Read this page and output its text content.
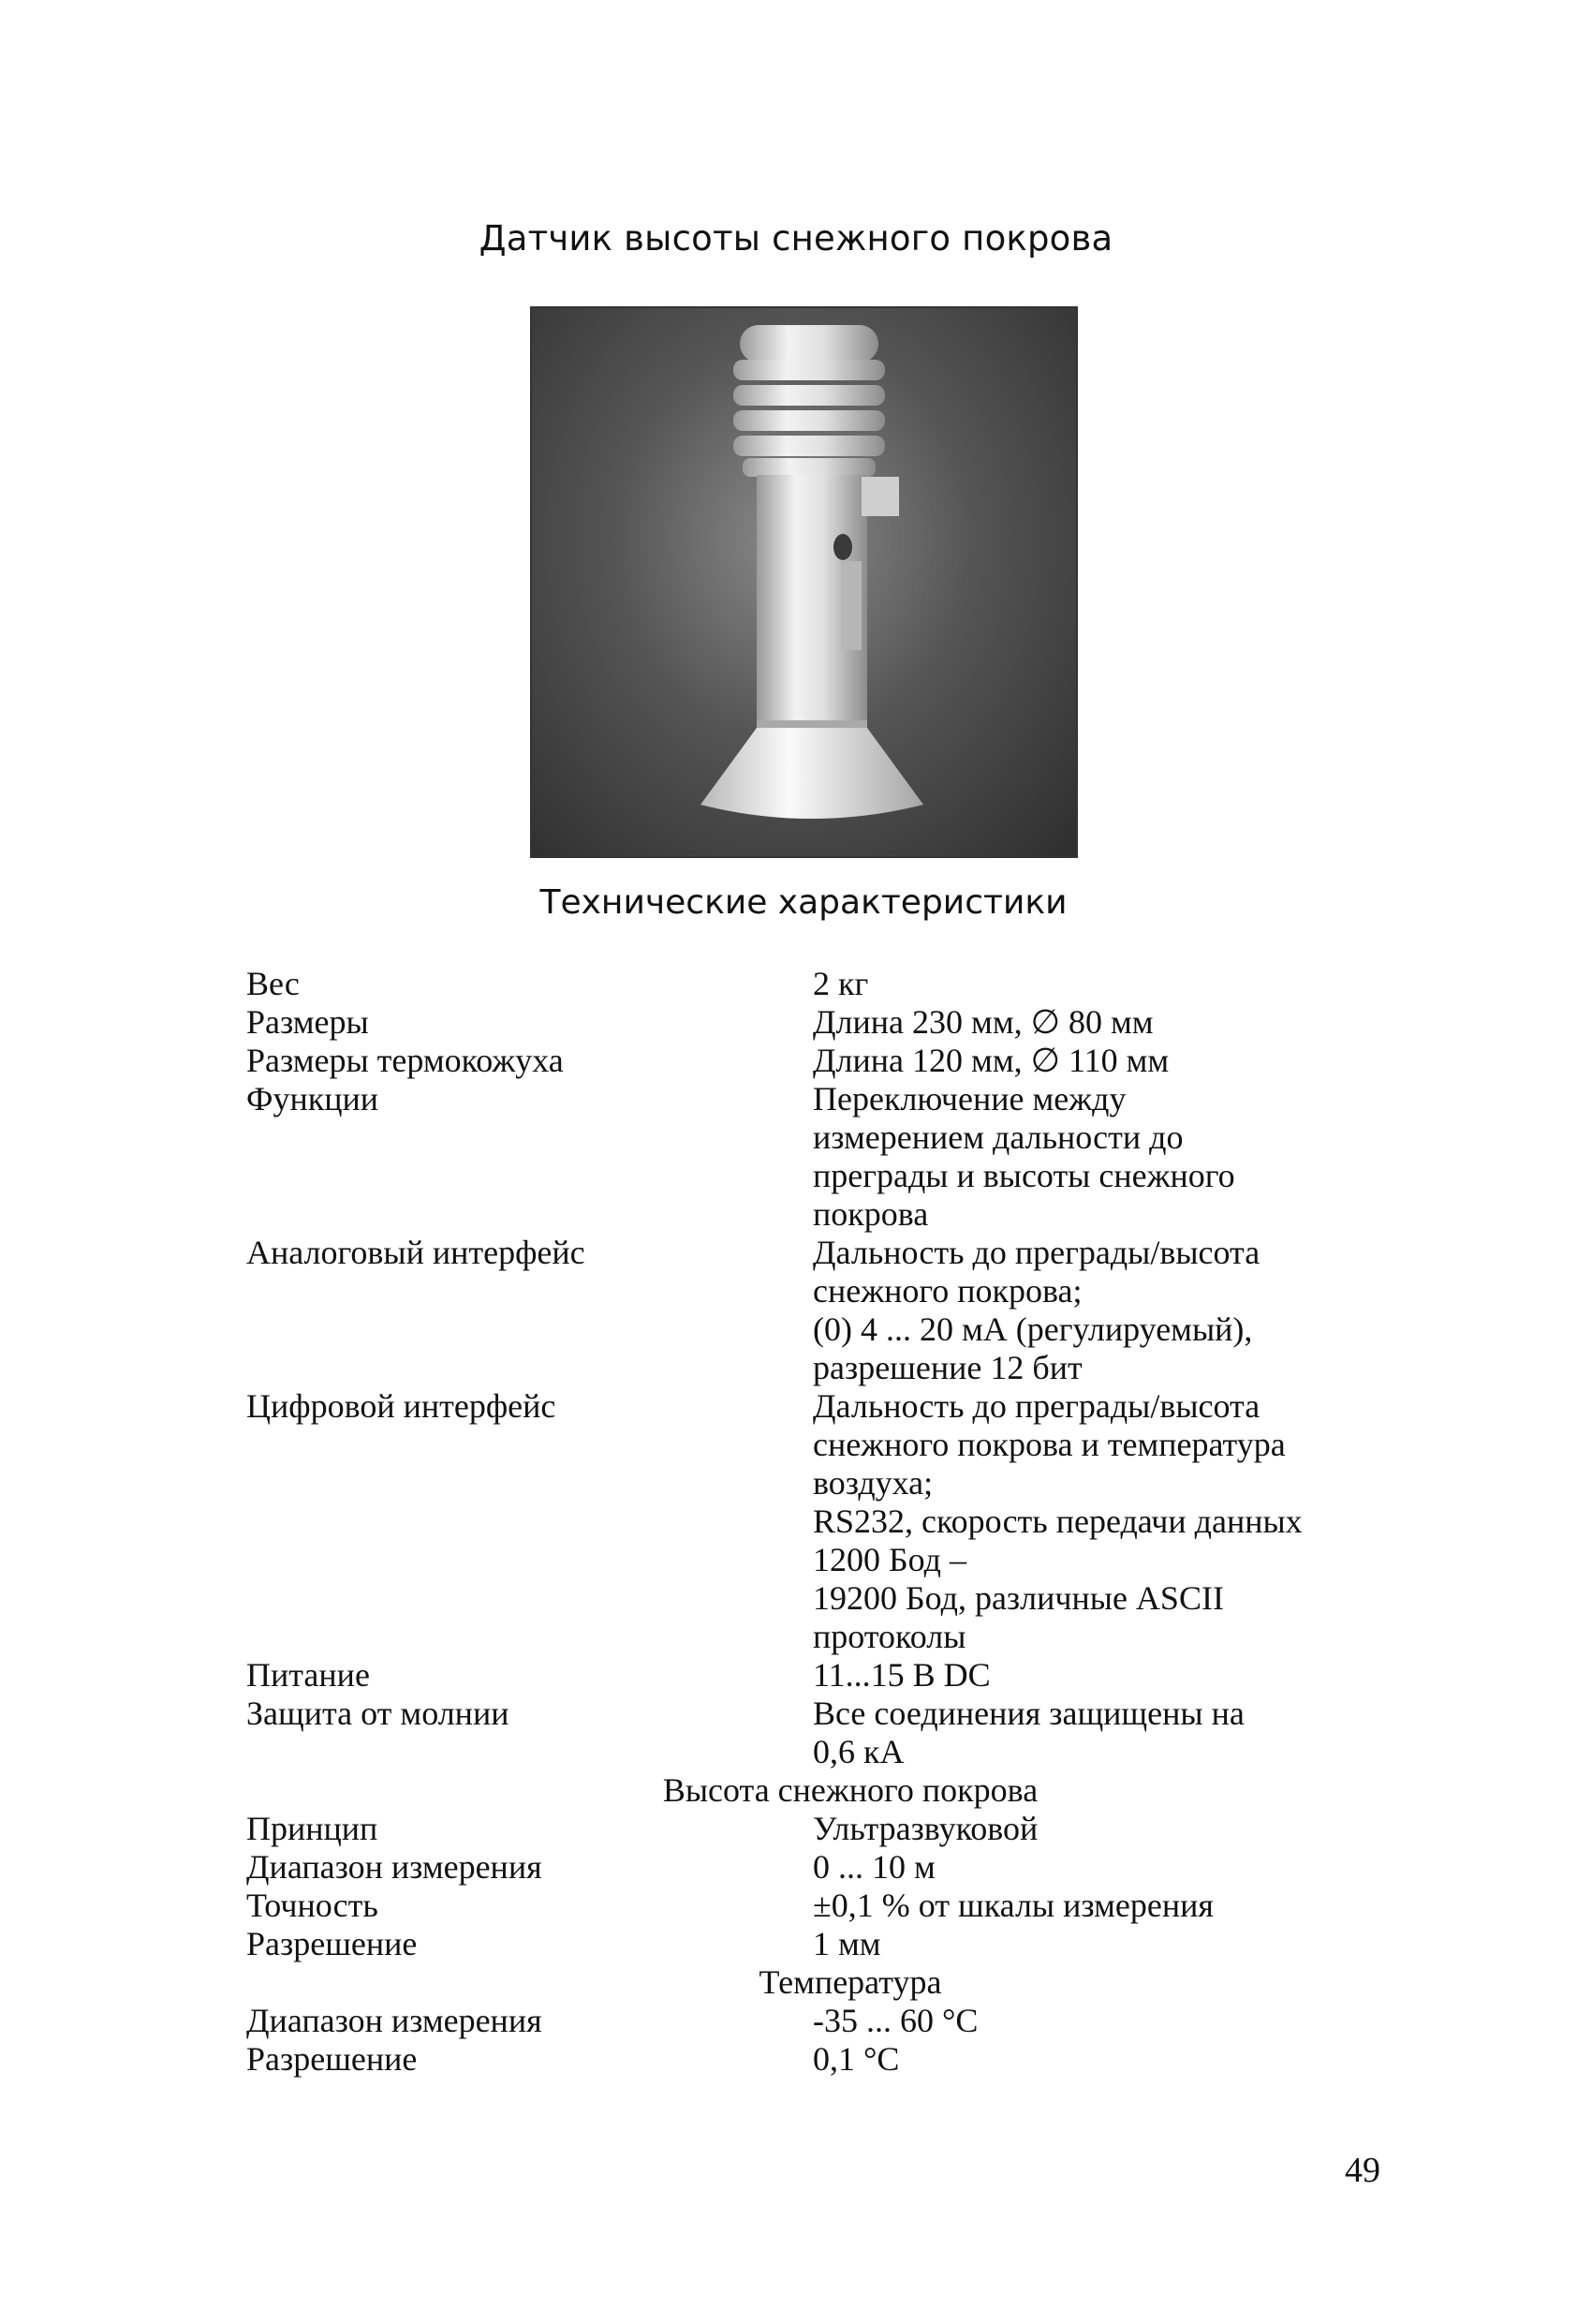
Датчик высоты снежного покрова
Технические характеристики
Вес	2 кг
Размеры	Длина 230 мм, ∅ 80 мм
Размеры термокожуха	Длина 120 мм, ∅ 110 мм
Функции	Переключение между
измерением дальности до
преграды и высоты снежного
покрова
Аналоговый интерфейс	Дальность до преграды/высота
снежного покрова;
(0) 4 ... 20 мА (регулируемый),
разрешение 12 бит
Цифровой интерфейс	Дальность до преграды/высота
снежного покрова и температура
воздуха;
RS232, скорость передачи данных
1200 Бод –
19200 Бод, различные ASCII
протоколы
Питание	11...15 В DC
Защита от молнии	Все соединения защищены на
0,6 кА
Высота снежного покрова
Принцип	Ультразвуковой
Диапазон измерения	0 ... 10 м
Точность	±0,1 % от шкалы измерения
Разрешение	1 мм
Температура
Диапазон измерения	-35 ... 60 °C
Разрешение	0,1 °C
49
